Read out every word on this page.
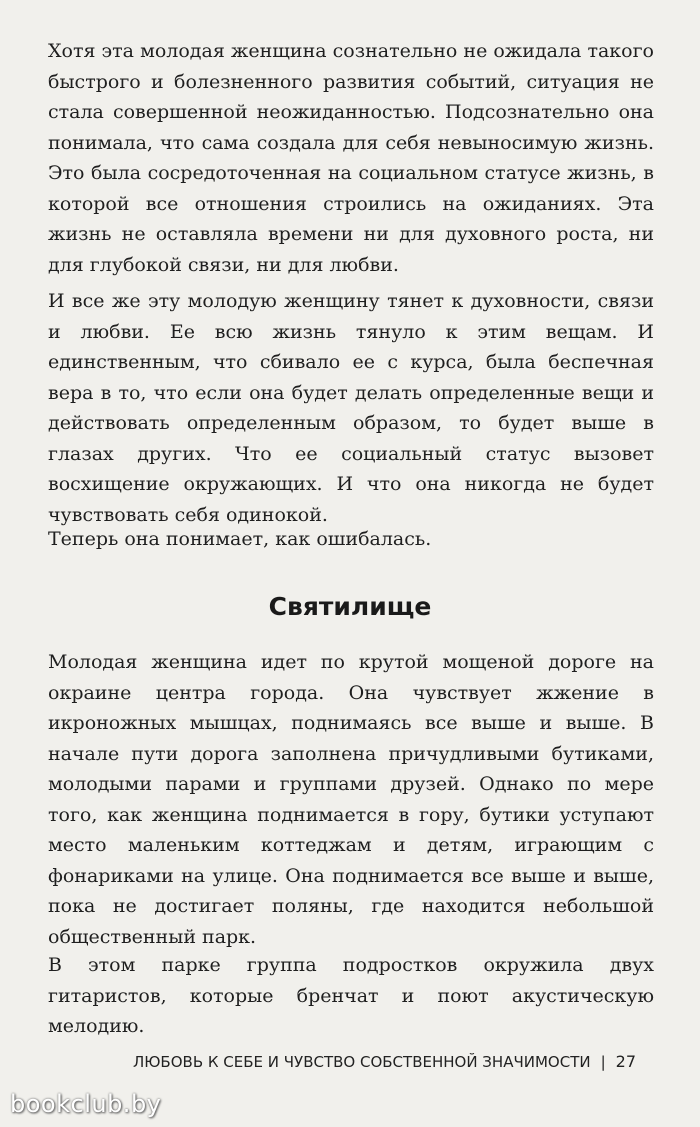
Хотя эта молодая женщина сознательно не ожидала такого быстрого и болезненного развития событий, ситуация не стала совершенной неожиданностью. Подсознательно она понимала, что сама создала для себя невыносимую жизнь. Это была сосредоточенная на социальном статусе жизнь, в которой все отношения строились на ожиданиях. Эта жизнь не оставляла времени ни для духовного роста, ни для глубокой связи, ни для любви.

И все же эту молодую женщину тянет к духовности, связи и любви. Ее всю жизнь тянуло к этим вещам. И единственным, что сбивало ее с курса, была беспечная вера в то, что если она будет делать определенные вещи и действовать определенным образом, то будет выше в глазах других. Что ее социальный статус вызовет восхищение окружающих. И что она никогда не будет чувствовать себя одинокой.

Теперь она понимает, как ошибалась.

Святилище

Молодая женщина идет по крутой мощеной дороге на окраине центра города. Она чувствует жжение в икроножных мышцах, поднимаясь все выше и выше. В начале пути дорога заполнена причудливыми бутиками, молодыми парами и группами друзей. Однако по мере того, как женщина поднимается в гору, бутики уступают место маленьким коттеджам и детям, играющим с фонариками на улице. Она поднимается все выше и выше, пока не достигает поляны, где находится небольшой общественный парк.

В этом парке группа подростков окружила двух гитаристов, которые бренчат и поют акустическую мелодию.

ЛЮБОВЬ К СЕБЕ И ЧУВСТВО СОБСТВЕННОЙ ЗНАЧИМОСТИ | 27
bookclub.by
